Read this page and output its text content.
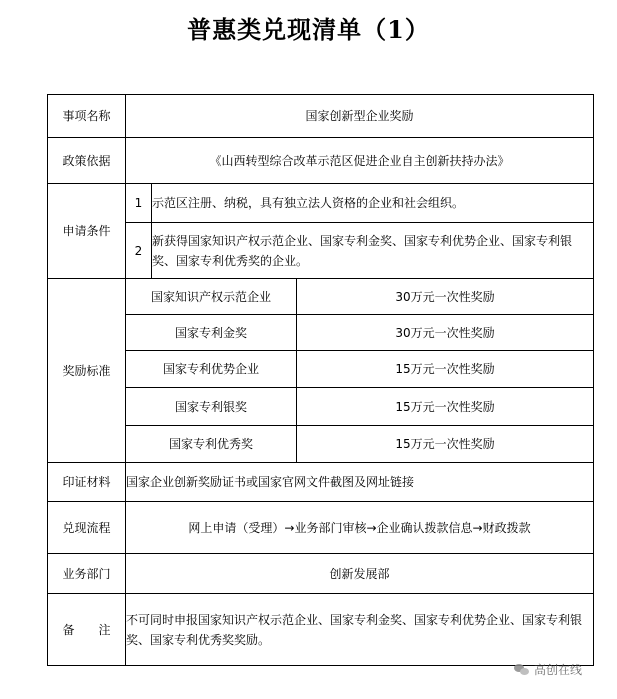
普惠类兑现清单（1）
事项名称	国家创新型企业奖励		
政策依据	《山西转型综合改革示范区促进企业自主创新扶持办法》		
申请条件	1	示范区注册、纳税，具有独立法人资格的企业和社会组织。	
	2	新获得国家知识产权示范企业、国家专利金奖、国家专利优势企业、国家专利银奖、国家专利优秀奖的企业。	
奖励标准	国家知识产权示范企业		30万元一次性奖励
	国家专利金奖		30万元一次性奖励
	国家专利优势企业		15万元一次性奖励
	国家专利银奖		15万元一次性奖励
	国家专利优秀奖		15万元一次性奖励
印证材料	国家企业创新奖励证书或国家官网文件截图及网址链接		
兑现流程	网上申请（受理）→业务部门审核→企业确认拨款信息→财政拨款		
业务部门	创新发展部		
备　　注	不可同时申报国家知识产权示范企业、国家专利金奖、国家专利优势企业、国家专利银奖、国家专利优秀奖奖励。		
高创在线
